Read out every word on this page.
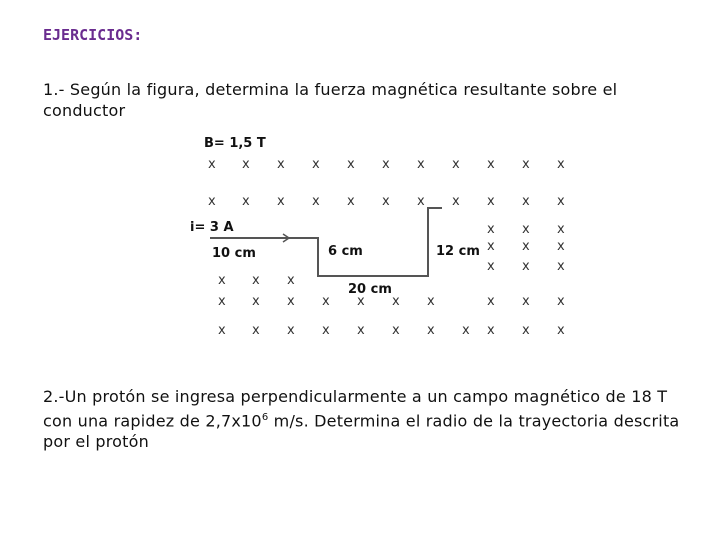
EJERCICIOS:
1.- Según la figura, determina la fuerza magnética resultante sobre el conductor
x x x x x x x x x x x
x x x x x x x x x x x
x x x
x x x
x x x
x x x
x x x x x x x	x x x
x x x x x x x x x x x
B= 1,5 T
i= 3 A
10 cm	6 cm	12 cm
20 cm
2.-Un protón se ingresa perpendicularmente a un campo magnético de 18 T con una rapidez de $2,7x10^6$ m/s. Determina el radio de la trayectoria descrita por el protón
